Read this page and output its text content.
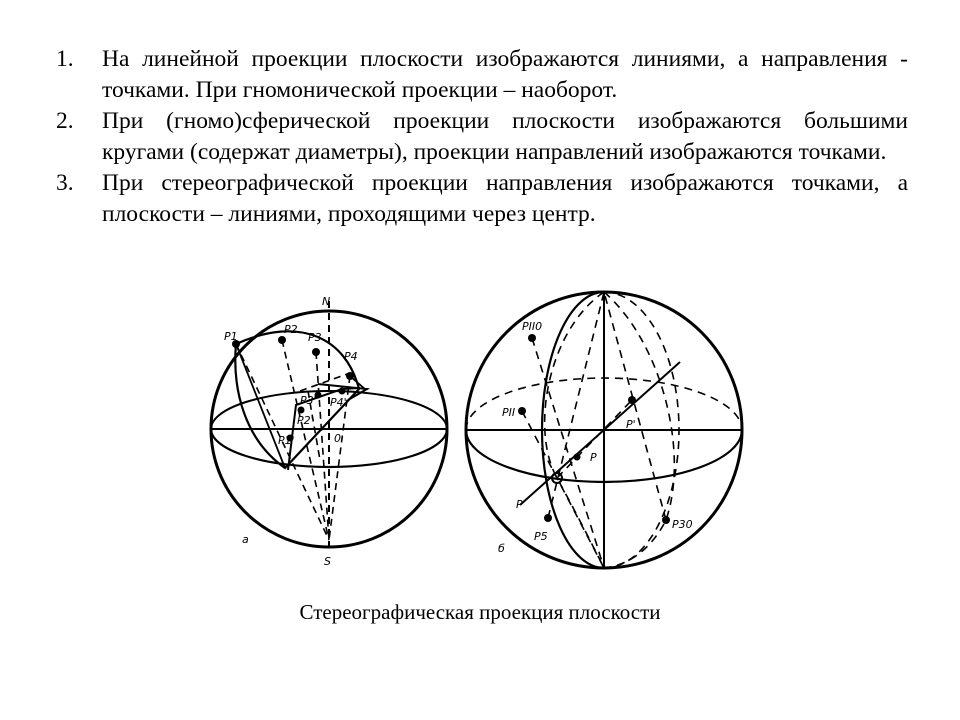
1. На линейной проекции плоскости изображаются линиями, а направления - точками. При гномонической проекции – наоборот.
2. При (гномо)сферической проекции плоскости изображаются большими кругами (содержат диаметры), проекции направлений изображаются точками.
3. При стереографической проекции направления изображаются точками, а плоскости – линиями, проходящими через центр.
N
S
0
а
P1
P2
P3
P4
P1'
P2'
P3' P4'
PII0
PII
P'
P
P
P5
P30
б
Стереографическая проекция плоскости
